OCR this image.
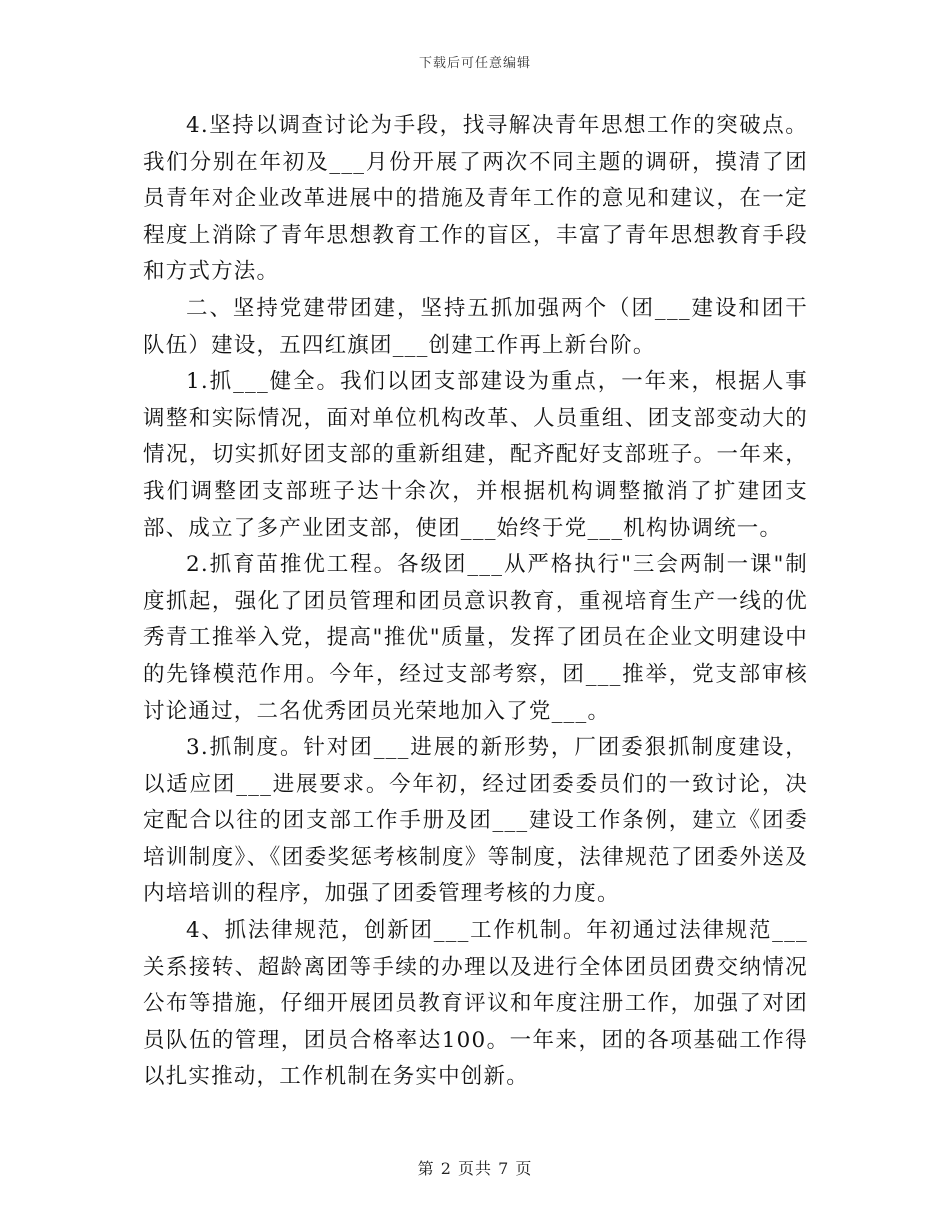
下载后可任意编辑

4.坚持以调查讨论为手段，找寻解决青年思想工作的突破点。我们分别在年初及___月份开展了两次不同主题的调研，摸清了团员青年对企业改革进展中的措施及青年工作的意见和建议，在一定程度上消除了青年思想教育工作的盲区，丰富了青年思想教育手段和方式方法。

二、坚持党建带团建，坚持五抓加强两个（团___建设和团干队伍）建设，五四红旗团___创建工作再上新台阶。

1.抓___健全。我们以团支部建设为重点，一年来，根据人事调整和实际情况，面对单位机构改革、人员重组、团支部变动大的情况，切实抓好团支部的重新组建，配齐配好支部班子。一年来，我们调整团支部班子达十余次，并根据机构调整撤消了扩建团支部、成立了多产业团支部，使团___始终于党___机构协调统一。

2.抓育苗推优工程。各级团___从严格执行"三会两制一课"制度抓起，强化了团员管理和团员意识教育，重视培育生产一线的优秀青工推举入党，提高"推优"质量，发挥了团员在企业文明建设中的先锋模范作用。今年，经过支部考察，团___推举，党支部审核讨论通过，二名优秀团员光荣地加入了党___。

3.抓制度。针对团___进展的新形势，厂团委狠抓制度建设，以适应团___进展要求。今年初，经过团委委员们的一致讨论，决定配合以往的团支部工作手册及团___建设工作条例，建立《团委培训制度》、《团委奖惩考核制度》等制度，法律规范了团委外送及内培培训的程序，加强了团委管理考核的力度。

4、抓法律规范，创新团___工作机制。年初通过法律规范___关系接转、超龄离团等手续的办理以及进行全体团员团费交纳情况公布等措施，仔细开展团员教育评议和年度注册工作，加强了对团员队伍的管理，团员合格率达100。一年来，团的各项基础工作得以扎实推动，工作机制在务实中创新。

第 2 页共 7 页
